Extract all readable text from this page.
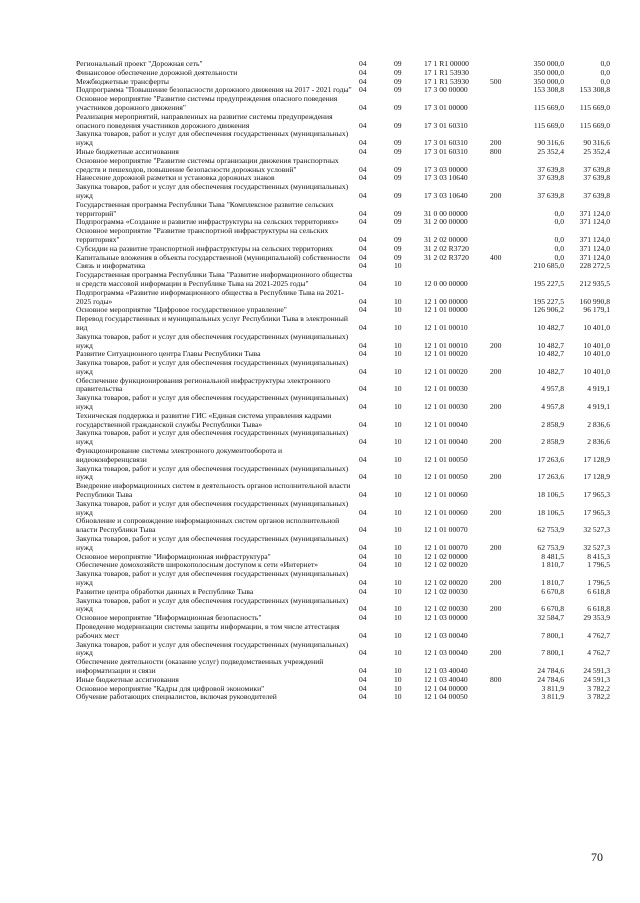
Региональный проект "Дорожная сеть"	04	09	17 1 R1 00000		350 000,0	0,0
Финансовое обеспечение дорожной деятельности	04	09	17 1 R1 53930		350 000,0	0,0
Межбюджетные трансферты	04	09	17 1 R1 53930	500	350 000,0	0,0
Подпрограмма "Повышение безопасности дорожного движения на 2017 - 2021 годы"	04	09	17 3 00 00000		153 308,8	153 308,8
Основное мероприятие "Развитие системы предупреждения опасного поведения участников дорожного движения"	04	09	17 3 01 00000		115 669,0	115 669,0
Реализация мероприятий, направленных на развитие системы предупреждения опасного поведения участников дорожного движения	04	09	17 3 01 60310		115 669,0	115 669,0
Закупка товаров, работ и услуг для обеспечения государственных (муниципальных) нужд	04	09	17 3 01 60310	200	90 316,6	90 316,6
Иные бюджетные ассигнования	04	09	17 3 01 60310	800	25 352,4	25 352,4
Основное мероприятие "Развитие системы организации движения транспортных средств и пешеходов, повышение безопасности дорожных условий"	04	09	17 3 03 00000		37 639,8	37 639,8
Нанесение дорожной разметки и установка дорожных знаков	04	09	17 3 03 10640		37 639,8	37 639,8
Закупка товаров, работ и услуг для обеспечения государственных (муниципальных) нужд	04	09	17 3 03 10640	200	37 639,8	37 639,8
Государственная программа Республики Тыва "Комплексное развитие сельских территорий"	04	09	31 0 00 00000		0,0	371 124,0
Подпрограмма «Создание и развитие инфраструктуры на сельских территориях»	04	09	31 2 00 00000		0,0	371 124,0
Основное мероприятие "Развитие транспортной инфраструктуры на сельских территориях"	04	09	31 2 02 00000		0,0	371 124,0
Субсидии на развитие транспортной инфраструктуры на сельских территориях	04	09	31 2 02 R3720		0,0	371 124,0
Капитальные вложения в объекты государственной (муниципальной) собственности	04	09	31 2 02 R3720	400	0,0	371 124,0
Связь и информатика	04	10			210 685,0	228 272,5
Государственная программа Республики Тыва "Развитие информационного общества и средств массовой информации в Республике Тыва на 2021-2025 годы"	04	10	12 0 00 00000		195 227,5	212 935,5
Подпрограмма «Развитие информационного общества в Республике Тыва на 2021-2025 годы»	04	10	12 1 00 00000		195 227,5	160 990,8
Основное мероприятие "Цифровое государственное управление"	04	10	12 1 01 00000		126 906,2	96 179,1
Перевод государственных и муниципальных услуг Республики Тыва в электронный вид	04	10	12 1 01 00010		10 482,7	10 401,0
Закупка товаров, работ и услуг для обеспечения государственных (муниципальных) нужд	04	10	12 1 01 00010	200	10 482,7	10 401,0
Развитие Ситуационного центра Главы Республики Тыва	04	10	12 1 01 00020		10 482,7	10 401,0
Закупка товаров, работ и услуг для обеспечения государственных (муниципальных) нужд	04	10	12 1 01 00020	200	10 482,7	10 401,0
Обеспечение функционирования региональной инфраструктуры электронного правительства	04	10	12 1 01 00030		4 957,8	4 919,1
Закупка товаров, работ и услуг для обеспечения государственных (муниципальных) нужд	04	10	12 1 01 00030	200	4 957,8	4 919,1
Техническая поддержка и развитие ГИС «Единая система управления кадрами государственной гражданской службы Республики Тыва»	04	10	12 1 01 00040		2 858,9	2 836,6
Закупка товаров, работ и услуг для обеспечения государственных (муниципальных) нужд	04	10	12 1 01 00040	200	2 858,9	2 836,6
Функционирование системы электронного документооборота и видеоконференцсвязи	04	10	12 1 01 00050		17 263,6	17 128,9
Закупка товаров, работ и услуг для обеспечения государственных (муниципальных) нужд	04	10	12 1 01 00050	200	17 263,6	17 128,9
Внедрение информационных систем в деятельность органов исполнительной власти Республики Тыва	04	10	12 1 01 00060		18 106,5	17 965,3
Закупка товаров, работ и услуг для обеспечения государственных (муниципальных) нужд	04	10	12 1 01 00060	200	18 106,5	17 965,3
Обновление и сопровождение информационных систем органов исполнительной власти Республики Тыва	04	10	12 1 01 00070		62 753,9	32 527,3
Закупка товаров, работ и услуг для обеспечения государственных (муниципальных) нужд	04	10	12 1 01 00070	200	62 753,9	32 527,3
Основное мероприятие "Информационная инфраструктура"	04	10	12 1 02 00000		8 481,5	8 415,3
Обеспечение домохозяйств широкополосным доступом к сети «Интернет»	04	10	12 1 02 00020		1 810,7	1 796,5
Закупка товаров, работ и услуг для обеспечения государственных (муниципальных) нужд	04	10	12 1 02 00020	200	1 810,7	1 796,5
Развитие центра обработки данных в Республике Тыва	04	10	12 1 02 00030		6 670,8	6 618,8
Закупка товаров, работ и услуг для обеспечения государственных (муниципальных) нужд	04	10	12 1 02 00030	200	6 670,8	6 618,8
Основное мероприятие "Информационная безопасность"	04	10	12 1 03 00000		32 584,7	29 353,9
Проведение модернизации системы защиты информации, в том числе аттестация рабочих мест	04	10	12 1 03 00040		7 800,1	4 762,7
Закупка товаров, работ и услуг для обеспечения государственных (муниципальных) нужд	04	10	12 1 03 00040	200	7 800,1	4 762,7
Обеспечение деятельности (оказание услуг) подведомственных учреждений информатизации и связи	04	10	12 1 03 40040		24 784,6	24 591,3
Иные бюджетные ассигнования	04	10	12 1 03 40040	800	24 784,6	24 591,3
Основное мероприятие "Кадры для цифровой экономики"	04	10	12 1 04 00000		3 811,9	3 782,2
Обучение работающих специалистов, включая руководителей	04	10	12 1 04 00050		3 811,9	3 782,2
70
